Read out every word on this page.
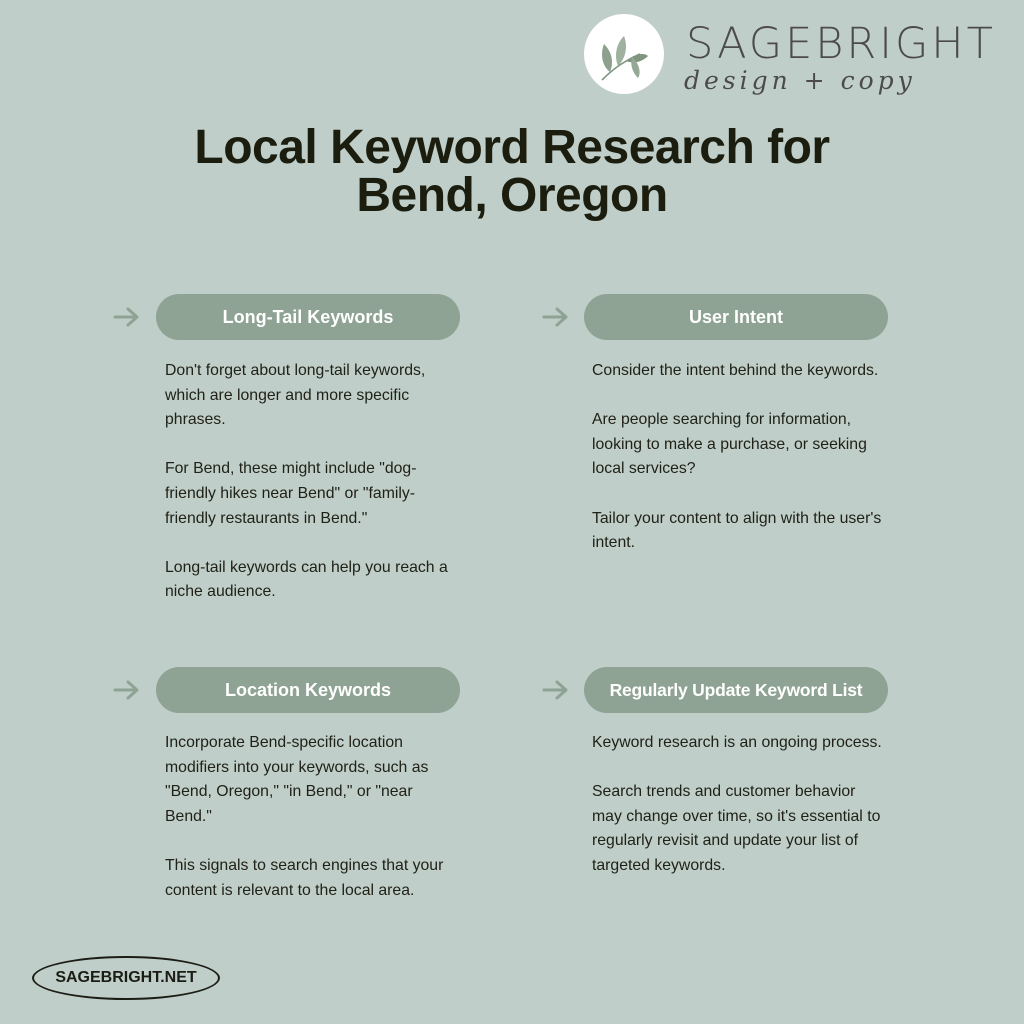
SAGEBRIGHT
design + copy
Local Keyword Research for
Bend, Oregon
Long-Tail Keywords

Don't forget about long-tail keywords, which are longer and more specific phrases.

For Bend, these might include "dog-friendly hikes near Bend" or "family-friendly restaurants in Bend."

Long-tail keywords can help you reach a niche audience.

User Intent

Consider the intent behind the keywords.

Are people searching for information, looking to make a purchase, or seeking local services?

Tailor your content to align with the user's intent.

Location Keywords

Incorporate Bend-specific location modifiers into your keywords, such as "Bend, Oregon," "in Bend," or "near Bend."

This signals to search engines that your content is relevant to the local area.

Regularly Update Keyword List

Keyword research is an ongoing process.

Search trends and customer behavior may change over time, so it's essential to regularly revisit and update your list of targeted keywords.

SAGEBRIGHT.NET
